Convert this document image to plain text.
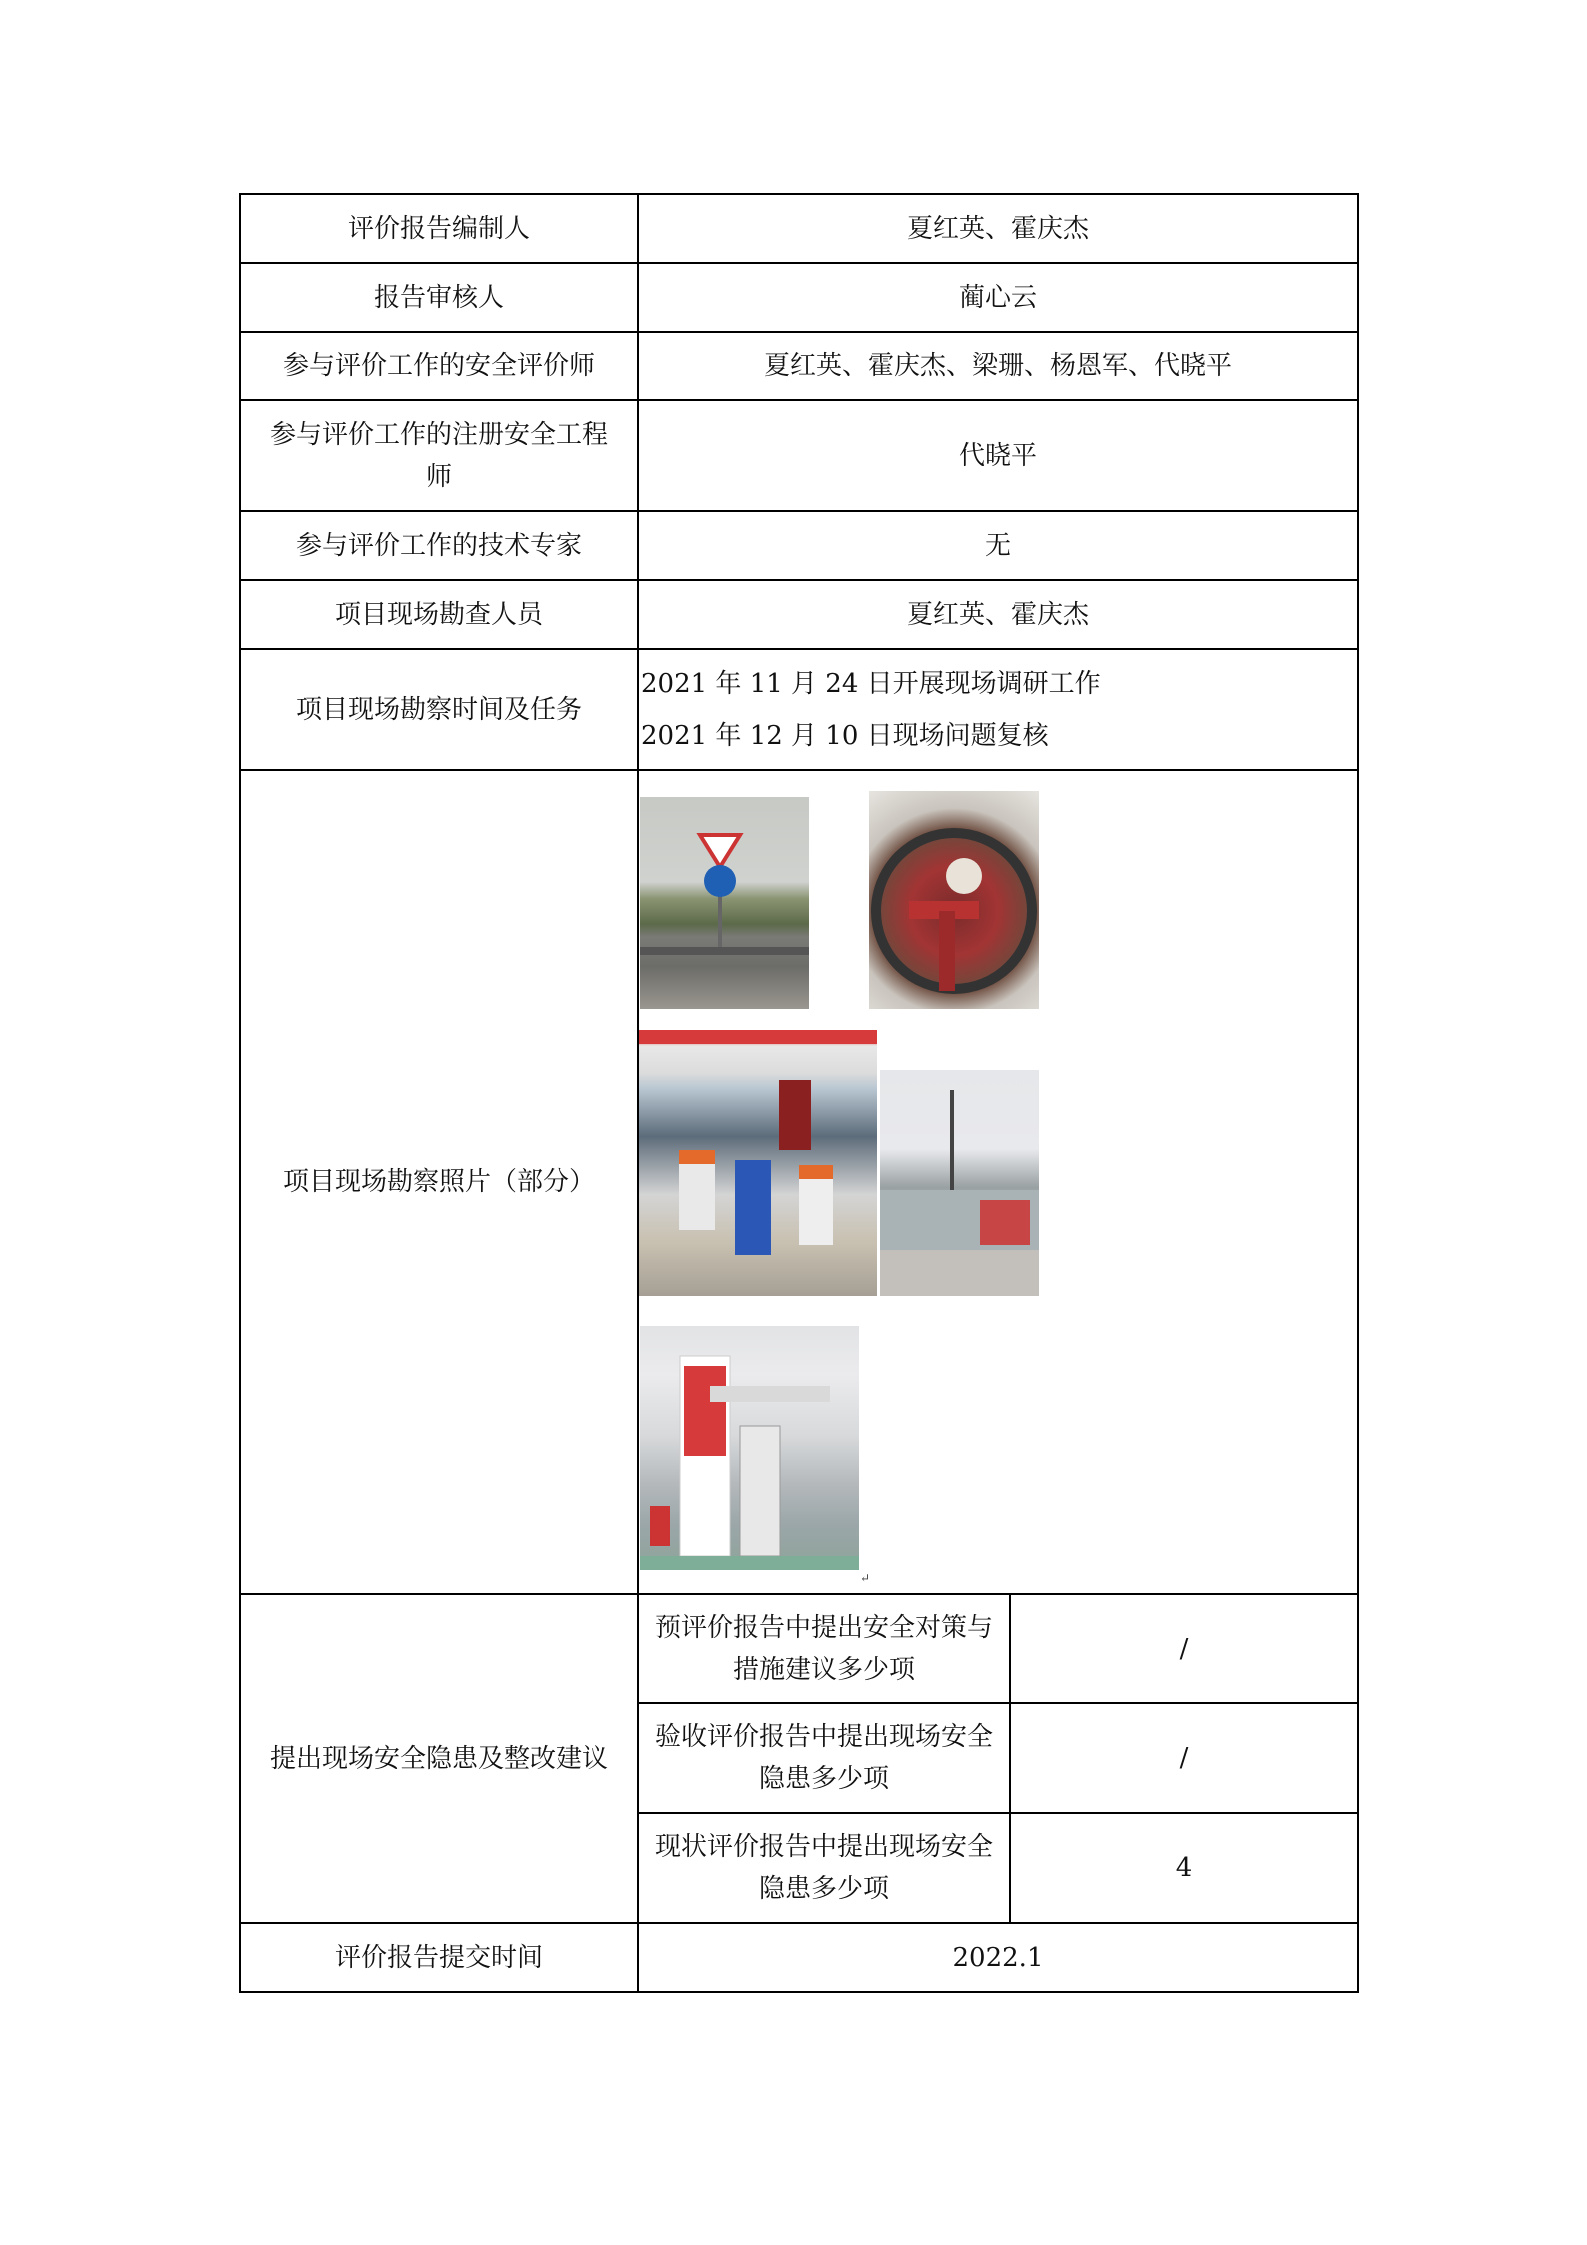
评价报告编制人	夏红英、霍庆杰	
报告审核人	蔺心云	
参与评价工作的安全评价师	夏红英、霍庆杰、梁珊、杨恩军、代晓平	

参与评价工作的注册安全工程
师	代晓平	
参与评价工作的技术专家	无	
项目现场勘查人员	夏红英、霍庆杰	
项目现场勘察时间及任务	2021 年 11 月 24 日开展现场调研工作
2021 年 12 月 10 日现场问题复核	

项目现场勘察照片（部分）	↵	

提出现场安全隐患及整改建议	预评价报告中提出安全对策与
措施建议多少项	/

	验收评价报告中提出现场安全
隐患多少项	/

	现状评价报告中提出现场安全
隐患多少项	4
评价报告提交时间	2022.1	
